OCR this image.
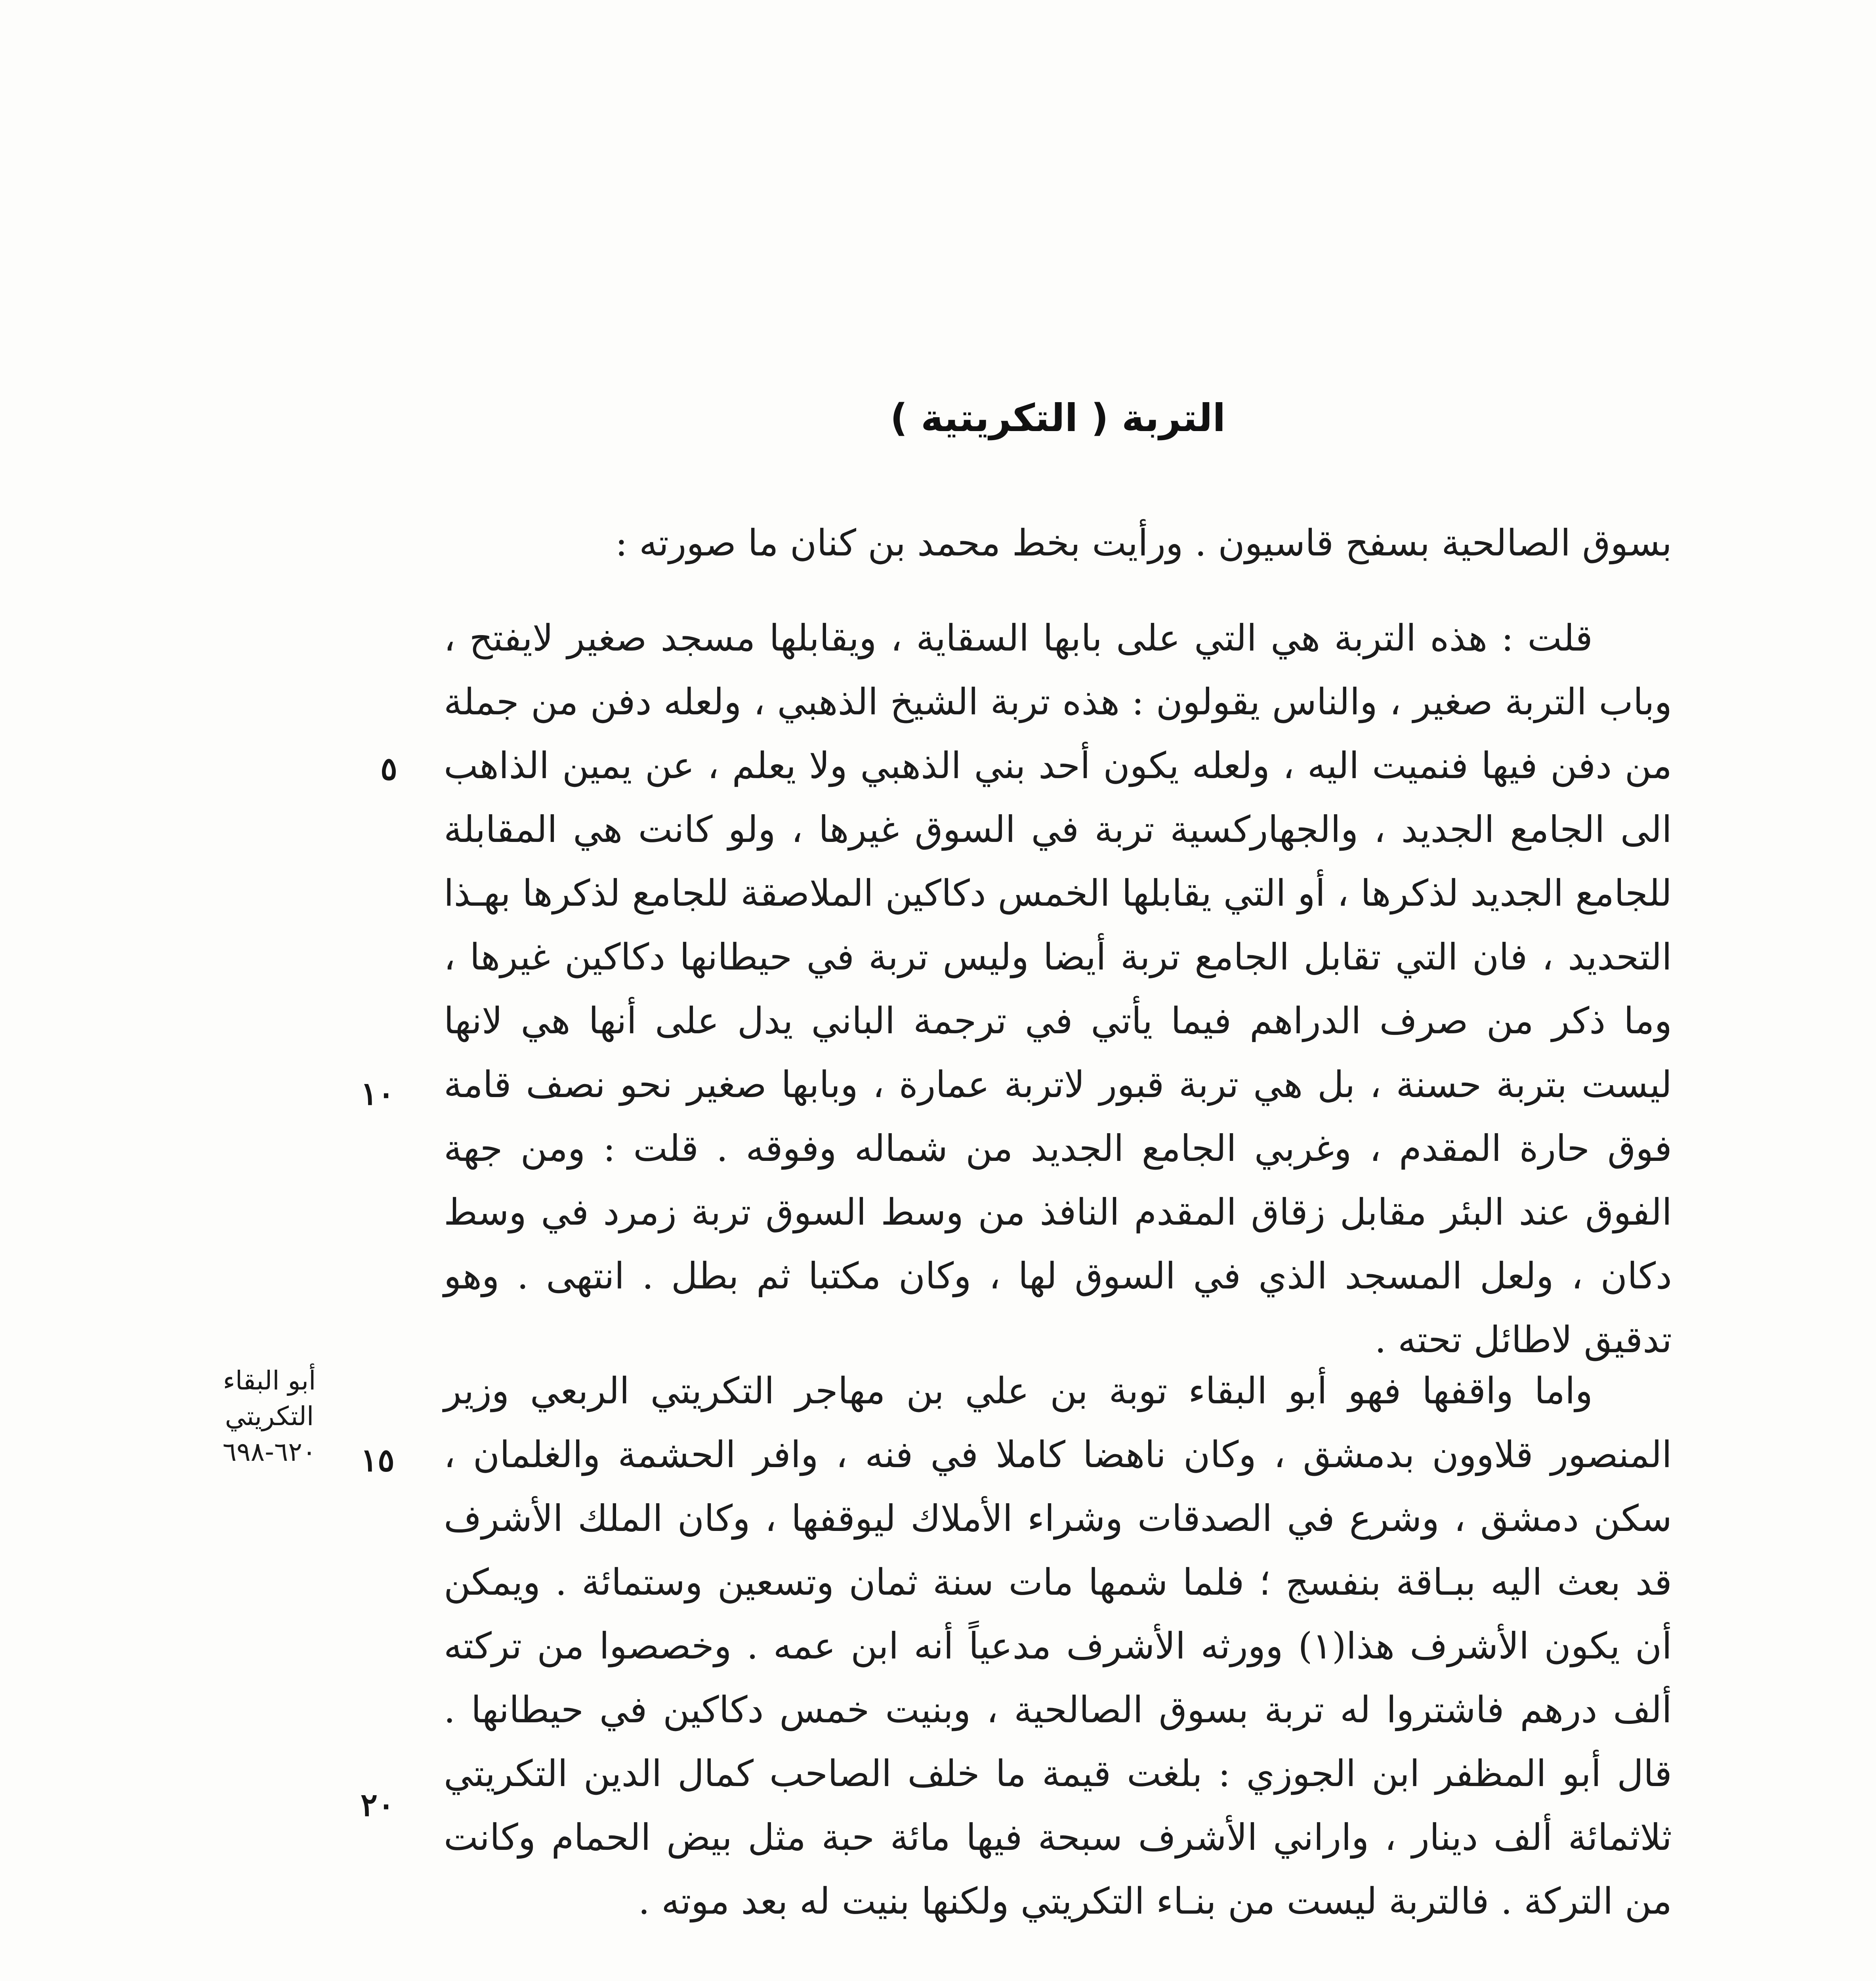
التربة ( التكريتية )
بسوق الصالحية بسفح قاسيون . ورأيت بخط محمد بن كنان ما صورته :
قلت : هذه التربة هي التي على بابها السقاية ، ويقابلها مسجد صغير لايفتح ، وباب التربة صغير ، والناس يقولون : هذه تربة الشيخ الذهبي ، ولعله دفن من جملة من دفن فيها فنميت اليه ، ولعله يكون أحد بني الذهبي ولا يعلم ، عن يمين الذاهب الى الجامع الجديد ، والجهاركسية تربة في السوق غيرها ، ولو كانت هي المقابلة للجامع الجديد لذكرها ، أو التي يقابلها الخمس دكاكين الملاصقة للجامع لذكرها بهـذا التحديد ، فان التي تقابل الجامع تربة أيضا وليس تربة في حيطانها دكاكين غيرها ، وما ذكر من صرف الدراهم فيما يأتي في ترجمة الباني يدل على أنها هي لانها ليست بتربة حسنة ، بل هي تربة قبور لاتربة عمارة ، وبابها صغير نحو نصف قامة فوق حارة المقدم ، وغربي الجامع الجديد من شماله وفوقه . قلت : ومن جهة الفوق عند البئر مقابل زقاق المقدم النافذ من وسط السوق تربة زمرد في وسط دكان ، ولعل المسجد الذي في السوق لها ، وكان مكتبا ثم بطل . انتهى . وهو تدقيق لاطائل تحته .
واما واقفها فهو أبو البقاء توبة بن علي بن مهاجر التكريتي الربعي وزير المنصور قلاوون بدمشق ، وكان ناهضا كاملا في فنه ، وافر الحشمة والغلمان ، سكن دمشق ، وشرع في الصدقات وشراء الأملاك ليوقفها ، وكان الملك الأشرف قد بعث اليه ببـاقة بنفسج ؛ فلما شمها مات سنة ثمان وتسعين وستمائة . ويمكن أن يكون الأشرف هذا(١) وورثه الأشرف مدعياً أنه ابن عمه . وخصصوا من تركته ألف درهم فاشتروا له تربة بسوق الصالحية ، وبنيت خمس دكاكين في حيطانها . قال أبو المظفر ابن الجوزي : بلغت قيمة ما خلف الصاحب كمال الدين التكريتي ثلاثمائة ألف دينار ، واراني الأشرف سبحة فيها مائة حبة مثل بيض الحمام وكانت من التركة . فالتربة ليست من بنـاء التكريتي ولكنها بنيت له بعد موته .
٥
١٠
١٥
٢٠
أبو البقاء
التكريتي
٦٢٠-٦٩٨
